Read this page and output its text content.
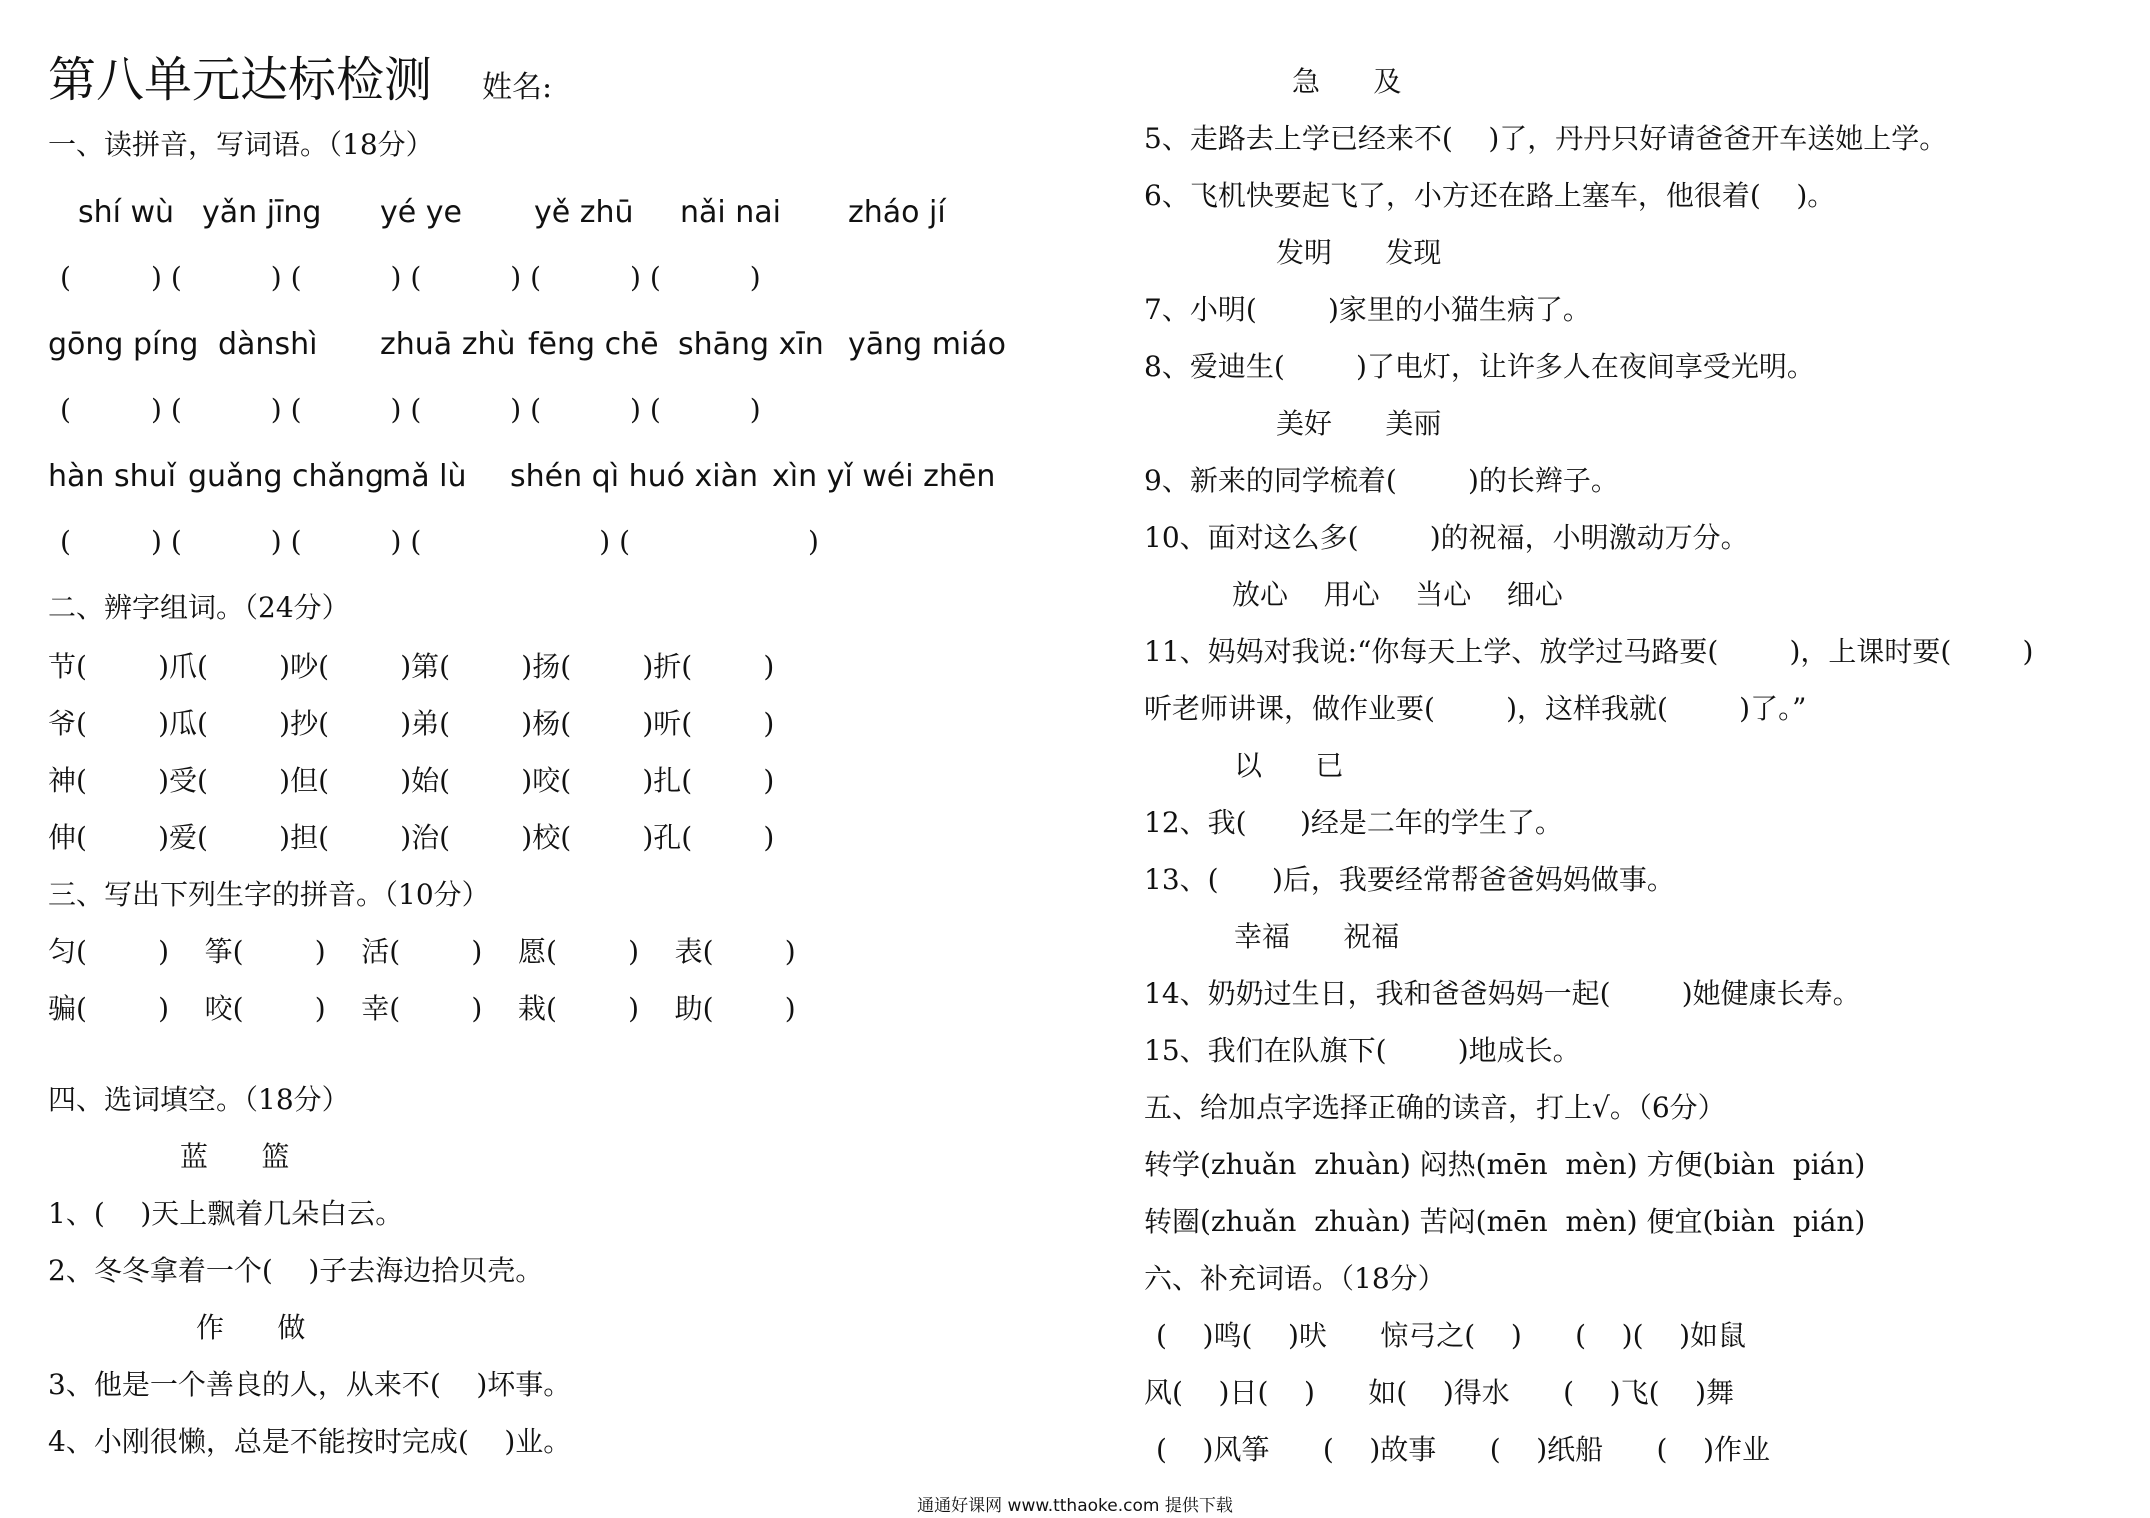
第八单元达标检测 姓名:
一、读拼音，写词语。（18分）
shí wù yǎn jīng yé ye yě zhū nǎi nai zháo jí
(         ) (          ) (          ) (          ) (          ) (          )
gōng píng dànshì zhuā zhù fēng chē shāng xīn yāng miáo
(         ) (          ) (          ) (          ) (          ) (          )
hàn shuǐ guǎng chǎng
mǎ lù shén qì huó xiàn xìn yǐ wéi zhēn
(         ) (          ) (          ) (                    ) (                    )
二、辨字组词。（24分）
节(        )爪(        )吵(        )第(        )扬(        )折(        )
爷(        )瓜(        )抄(        )弟(        )杨(        )听(        )
神(        )受(        )但(        )始(        )咬(        )扎(        )
伸(        )爱(        )担(        )治(        )校(        )孔(        )
三、写出下列生字的拼音。（10分）
匀(        )    筝(        )    活(        )    愿(        )    表(        )
骗(        )    咬(        )    幸(        )    栽(        )    助(        )
四、选词填空。（18分）
蓝      篮
1、(    )天上飘着几朵白云。
2、冬冬拿着一个(    )子去海边拾贝壳。
作      做
3、他是一个善良的人，从来不(    )坏事。
4、小刚很懒，总是不能按时完成(    )业。
急      及
5、走路去上学已经来不(    )了，丹丹只好请爸爸开车送她上学。
6、飞机快要起飞了，小方还在路上塞车，他很着(    )。
发明      发现
7、小明(        )家里的小猫生病了。
8、爱迪生(        )了电灯，让许多人在夜间享受光明。
美好      美丽
9、新来的同学梳着(        )的长辫子。
10、面对这么多(        )的祝福，小明激动万分。
放心    用心    当心    细心
11、妈妈对我说:“你每天上学、放学过马路要(        )，上课时要(        )
听老师讲课，做作业要(        )，这样我就(        )了。”
以      已
12、我(      )经是二年的学生了。
13、(      )后，我要经常帮爸爸妈妈做事。
幸福      祝福
14、奶奶过生日，我和爸爸妈妈一起(        )她健康长寿。
15、我们在队旗下(        )地成长。
五、给加点字选择正确的读音，打上√。（6分）
转学(zhuǎn  zhuàn) 闷热(mēn  mèn) 方便(biàn  pián)
转圈(zhuǎn  zhuàn) 苦闷(mēn  mèn) 便宜(biàn  pián)
六、补充词语。（18分）
(    )鸣(    )吠      惊弓之(    )      (    )(    )如鼠
风(    )日(    )      如(    )得水      (    )飞(    )舞
(    )风筝      (    )故事      (    )纸船      (    )作业
通通好课网 www.tthaoke.com 提供下载
